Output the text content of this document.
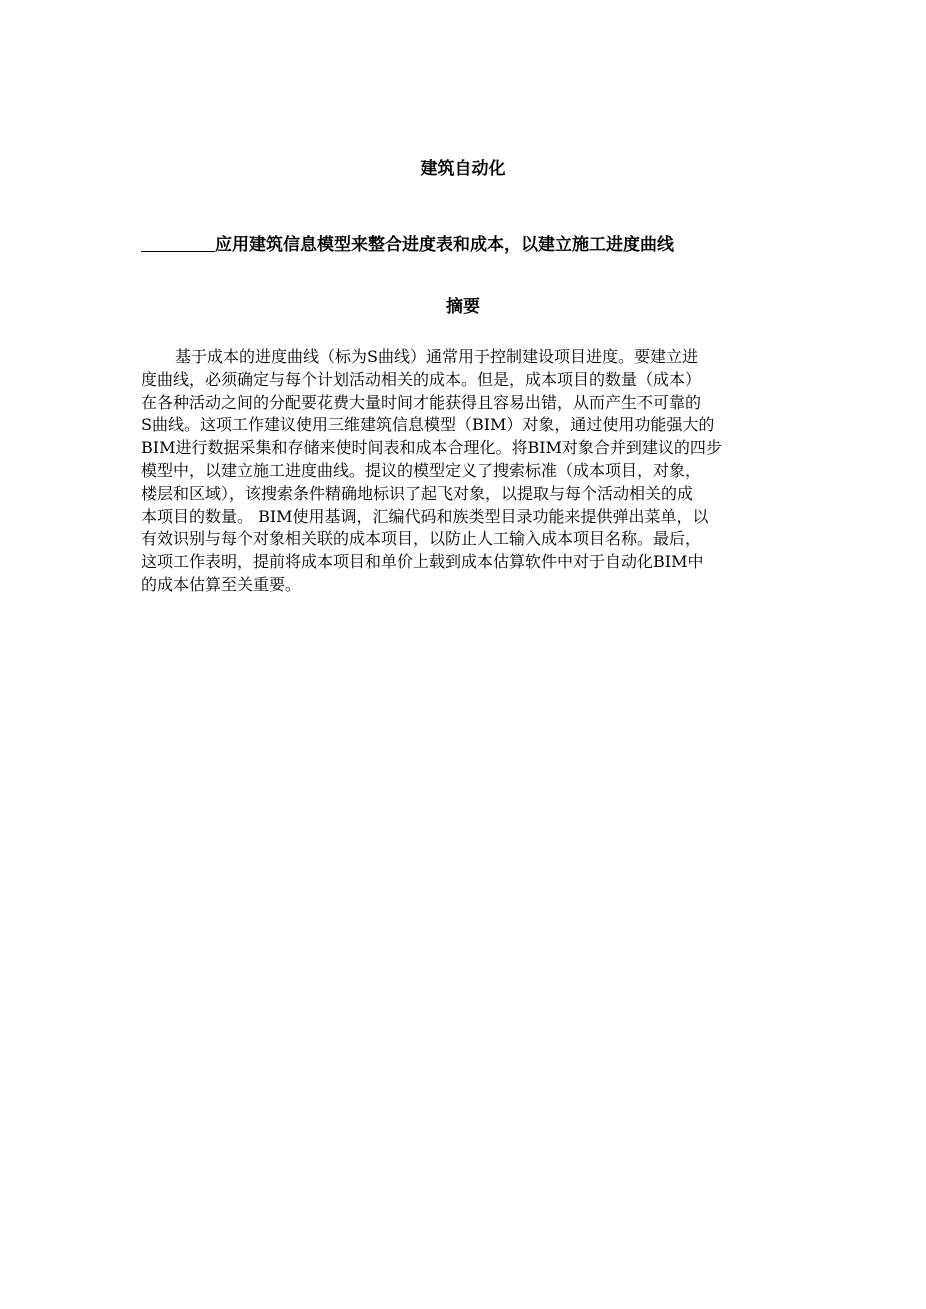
建筑自动化
应用建筑信息模型来整合进度表和成本，以建立施工进度曲线
摘要
基于成本的进度曲线（标为S曲线）通常用于控制建设项目进度。要建立进
度曲线，必须确定与每个计划活动相关的成本。但是，成本项目的数量（成本）
在各种活动之间的分配要花费大量时间才能获得且容易出错，从而产生不可靠的
S曲线。这项工作建议使用三维建筑信息模型（BIM）对象，通过使用功能强大的
BIM进行数据采集和存储来使时间表和成本合理化。将BIM对象合并到建议的四步
模型中，以建立施工进度曲线。提议的模型定义了搜索标准（成本项目，对象，
楼层和区域），该搜索条件精确地标识了起飞对象，以提取与每个活动相关的成
本项目的数量。 BIM使用基调，汇编代码和族类型目录功能来提供弹出菜单，以
有效识别与每个对象相关联的成本项目，以防止人工输入成本项目名称。最后，
这项工作表明，提前将成本项目和单价上载到成本估算软件中对于自动化BIM中
的成本估算至关重要。
